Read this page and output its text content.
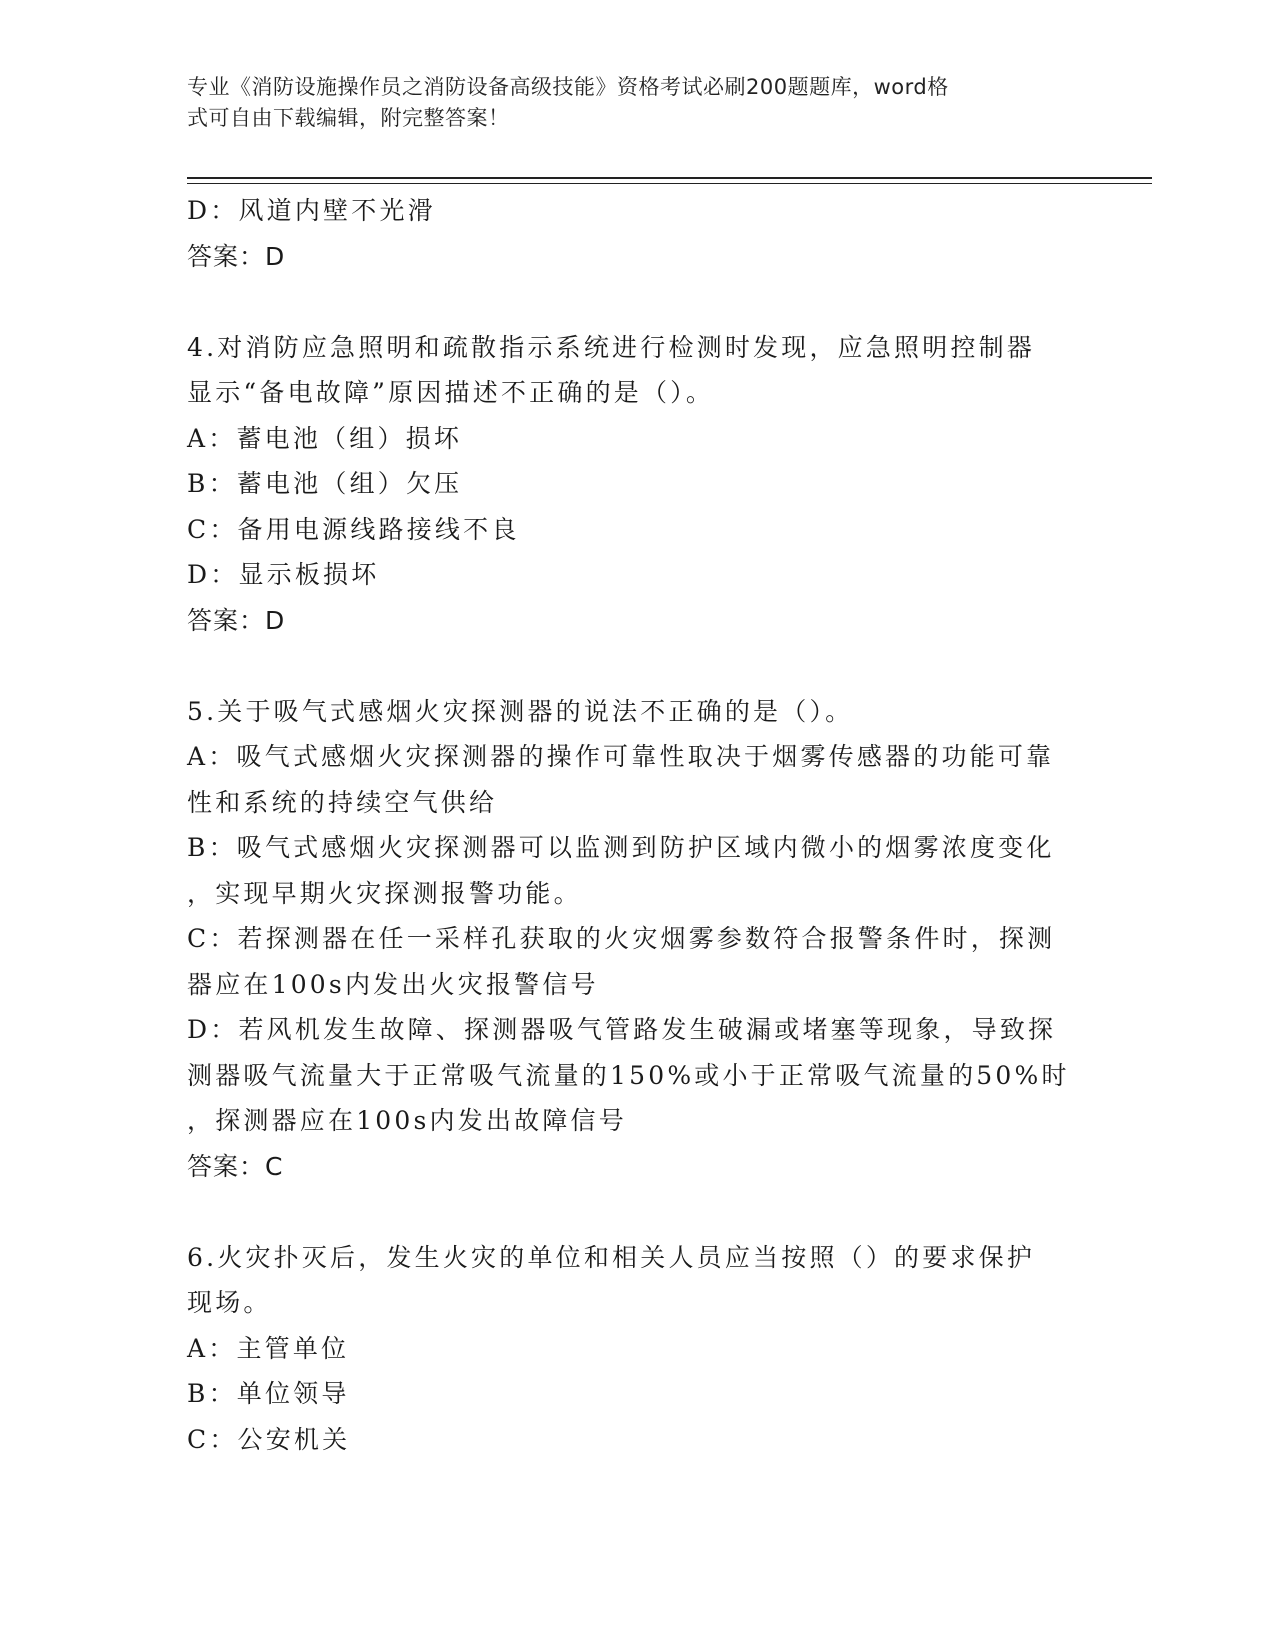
专业《消防设施操作员之消防设备高级技能》资格考试必刷200题题库，word格
式可自由下载编辑，附完整答案！
D：风道内壁不光滑
答案：D
4.对消防应急照明和疏散指示系统进行检测时发现，应急照明控制器
显示“备电故障”原因描述不正确的是（）。
A：蓄电池（组）损坏
B：蓄电池（组）欠压
C：备用电源线路接线不良
D：显示板损坏
答案：D
5.关于吸气式感烟火灾探测器的说法不正确的是（）。
A：吸气式感烟火灾探测器的操作可靠性取决于烟雾传感器的功能可靠
性和系统的持续空气供给
B：吸气式感烟火灾探测器可以监测到防护区域内微小的烟雾浓度变化
，实现早期火灾探测报警功能。
C：若探测器在任一采样孔获取的火灾烟雾参数符合报警条件时，探测
器应在100s内发出火灾报警信号
D：若风机发生故障、探测器吸气管路发生破漏或堵塞等现象，导致探
测器吸气流量大于正常吸气流量的150%或小于正常吸气流量的50%时
，探测器应在100s内发出故障信号
答案：C
6.火灾扑灭后，发生火灾的单位和相关人员应当按照（）的要求保护
现场。
A：主管单位
B：单位领导
C：公安机关
